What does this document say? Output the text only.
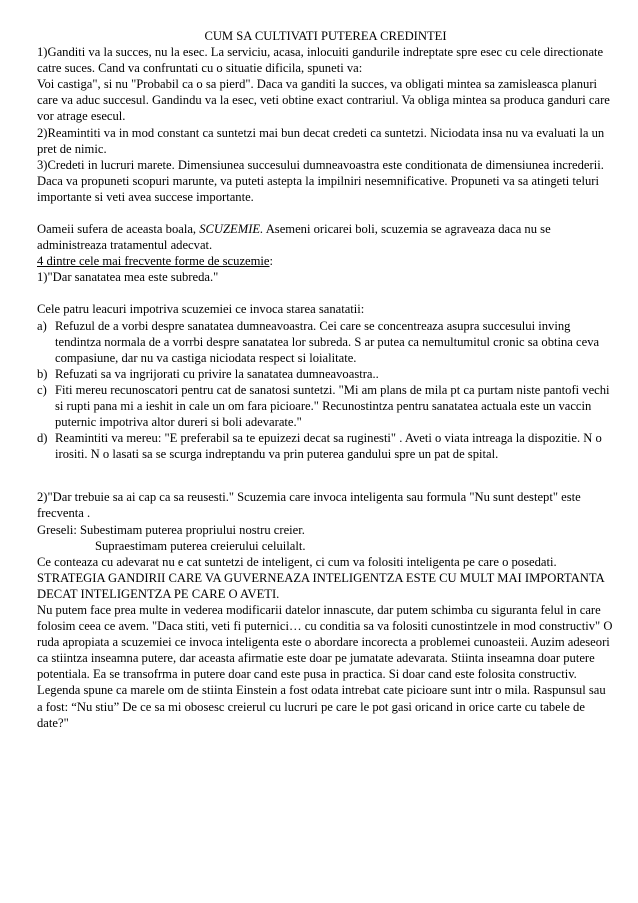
CUM SA CULTIVATI PUTEREA CREDINTEI

1)Ganditi va la succes, nu la esec. La serviciu, acasa, inlocuiti gandurile indreptate spre esec cu cele directionate catre suces. Cand va confruntati cu o situatie dificila, spuneti va:

Voi castiga", si nu "Probabil ca o sa pierd". Daca va ganditi la succes, va obligati mintea sa zamisleasca planuri care va aduc succesul. Gandindu va la esec, veti obtine exact contrariul. Va obliga mintea sa produca ganduri care vor atrage esecul.

2)Reamintiti va in mod constant ca suntetzi mai bun decat credeti ca suntetzi. Niciodata insa nu va evaluati la un pret de nimic.

3)Credeti in lucruri marete. Dimensiunea succesului dumneavoastra este conditionata de dimensiunea increderii. Daca va propuneti scopuri marunte, va puteti astepta la impilniri nesemnificative. Propuneti va sa atingeti teluri importante si veti avea succese importante.

Oameii sufera de aceasta boala, SCUZEMIE. Asemeni oricarei boli, scuzemia se agraveaza daca nu se administreaza tratamentul adecvat.

4 dintre cele mai frecvente forme de scuzemie:

1)"Dar sanatatea mea este subreda."

Cele patru leacuri impotriva scuzemiei ce invoca starea sanatatii:

a) Refuzul de a vorbi despre sanatatea dumneavoastra. Cei care se concentreaza asupra succesului inving tendintza normala de a vorrbi despre sanatatea lor subreda. S ar putea ca nemultumitul cronic sa obtina ceva compasiune, dar nu va castiga niciodata respect si loialitate.
b) Refuzati sa va ingrijorati cu privire la sanatatea dumneavoastra..
c) Fiti mereu recunoscatori pentru cat de sanatosi suntetzi. "Mi am plans de mila pt ca purtam niste pantofi vechi si rupti pana mi a ieshit in cale un om fara picioare." Recunostintza pentru sanatatea actuala este un vaccin puternic impotriva altor dureri si boli adevarate."
d) Reamintiti va mereu: "E preferabil sa te epuizezi decat sa ruginesti" . Aveti o viata intreaga la dispozitie. N o irositi. N o lasati sa se scurga indreptandu va prin puterea gandului spre un pat de spital.

2)"Dar trebuie sa ai cap ca sa reusesti." Scuzemia care invoca inteligenta sau formula "Nu sunt destept" este frecventa .

Greseli: Subestimam puterea propriului nostru creier.

Supraestimam puterea creierului celuilalt.

Ce conteaza cu adevarat nu e cat suntetzi de inteligent, ci cum va folositi inteligenta pe care o posedati.

STRATEGIA GANDIRII CARE VA GUVERNEAZA INTELIGENTZA ESTE CU MULT MAI IMPORTANTA DECAT INTELIGENTZA PE CARE O AVETI.

Nu putem face prea multe in vederea modificarii datelor innascute, dar putem schimba cu siguranta felul in care folosim ceea ce avem. "Daca stiti, veti fi puternici… cu conditia sa va folositi cunostintzele in mod constructiv" O ruda apropiata a scuzemiei ce invoca inteligenta este o abordare incorecta a problemei cunoasteii. Auzim adeseori ca stiintza inseamna putere, dar aceasta afirmatie este doar pe jumatate adevarata. Stiinta inseamna doar putere potentiala. Ea se transofrma in putere doar cand este pusa in practica. Si doar cand este folosita constructiv.

Legenda spune ca marele om de stiinta Einstein a fost odata intrebat cate picioare sunt intr o mila. Raspunsul sau a fost: “Nu stiu” De ce sa mi obosesc creierul cu lucruri pe care le pot gasi oricand in orice carte cu tabele de date?"
